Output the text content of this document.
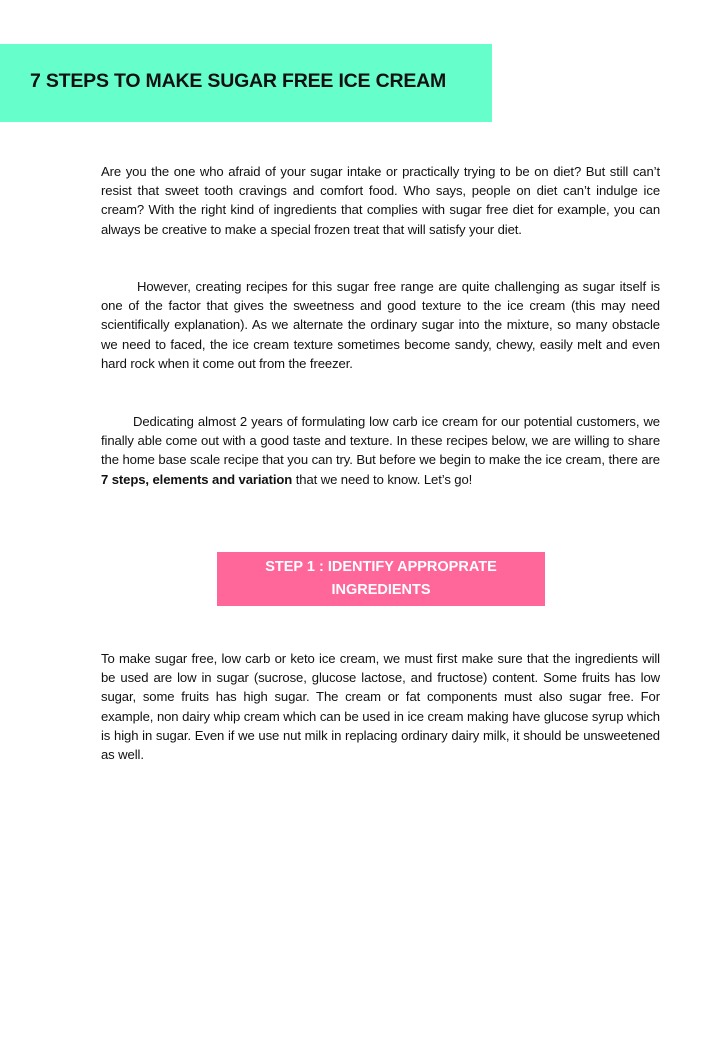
7 STEPS TO MAKE SUGAR FREE ICE CREAM

Are you the one who afraid of your sugar intake or practically trying to be on diet? But still can’t resist that sweet tooth cravings and comfort food. Who says, people on diet can’t indulge ice cream? With the right kind of ingredients that complies with sugar free diet for example, you can always be creative to make a special frozen treat that will satisfy your diet.

However, creating recipes for this sugar free range are quite challenging as sugar itself is one of the factor that gives the sweetness and good texture to the ice cream (this may need scientifically explanation). As we alternate the ordinary sugar into the mixture, so many obstacle we need to faced, the ice cream texture sometimes become sandy, chewy, easily melt and even hard rock when it come out from the freezer.

Dedicating almost 2 years of formulating low carb ice cream for our potential customers, we finally able come out with a good taste and texture. In these recipes below, we are willing to share the home base scale recipe that you can try. But before we begin to make the ice cream, there are 7 steps, elements and variation that we need to know. Let’s go!

STEP 1 : IDENTIFY APPROPRATE INGREDIENTS

To make sugar free, low carb or keto ice cream, we must first make sure that the ingredients will be used are low in sugar (sucrose, glucose lactose, and fructose) content. Some fruits has low sugar, some fruits has high sugar. The cream or fat components must also sugar free. For example, non dairy whip cream which can be used in ice cream making have glucose syrup which is high in sugar. Even if we use nut milk in replacing ordinary dairy milk, it should be unsweetened as well.
